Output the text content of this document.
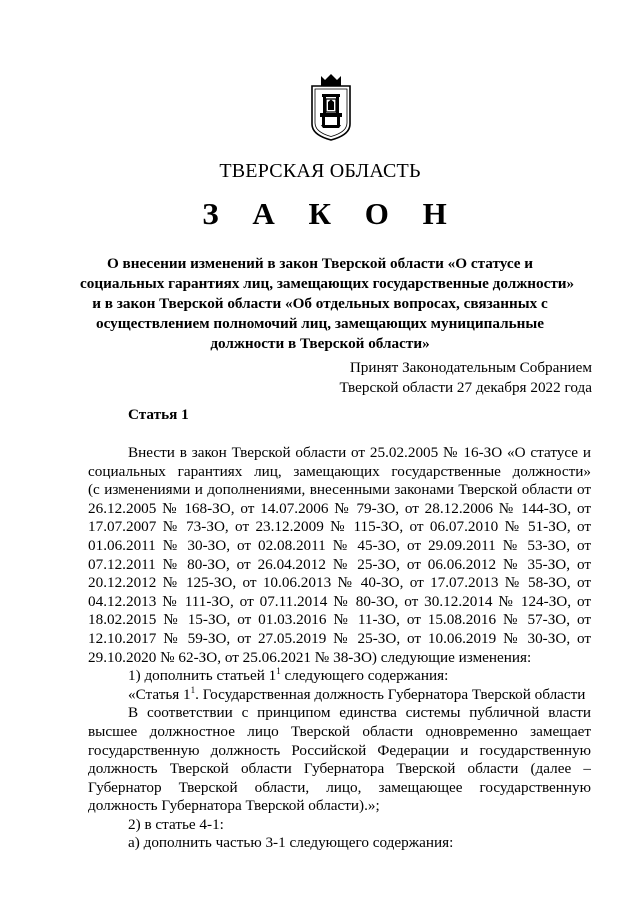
ТВЕРСКАЯ ОБЛАСТЬ
З А К О Н
О внесении изменений в закон Тверской области «О статусе и
социальных гарантиях лиц, замещающих государственные должности»
и в закон Тверской области «Об отдельных вопросах, связанных с
осуществлением полномочий лиц, замещающих муниципальные
должности в Тверской области»
Принят Законодательным Собранием
Тверской области 27 декабря 2022 года
Статья 1
Внести в закон Тверской области от 25.02.2005 № 16-ЗО «О статусе и
социальных гарантиях лиц, замещающих государственные должности»
(с изменениями и дополнениями, внесенными законами Тверской области от
26.12.2005 № 168-ЗО, от 14.07.2006 № 79-ЗО, от 28.12.2006 № 144-ЗО, от
17.07.2007 № 73-ЗО, от 23.12.2009 № 115-ЗО, от 06.07.2010 № 51-ЗО, от
01.06.2011 № 30-ЗО, от 02.08.2011 № 45-ЗО, от 29.09.2011 № 53-ЗО, от
07.12.2011 № 80-ЗО, от 26.04.2012 № 25-ЗО, от 06.06.2012 № 35-ЗО, от
20.12.2012 № 125-ЗО, от 10.06.2013 № 40-ЗО, от 17.07.2013 № 58-ЗО, от
04.12.2013 № 111-ЗО, от 07.11.2014 № 80-ЗО, от 30.12.2014 № 124-ЗО, от
18.02.2015 № 15-ЗО, от 01.03.2016 № 11-ЗО, от 15.08.2016 № 57-ЗО, от
12.10.2017 № 59-ЗО, от 27.05.2019 № 25-ЗО, от 10.06.2019 № 30-ЗО, от
29.10.2020 № 62-ЗО, от 25.06.2021 № 38-ЗО) следующие изменения:
1) дополнить статьей $1^1$ следующего содержания:
«Статья $1^1$. Государственная должность Губернатора Тверской области
В соответствии с принципом единства системы публичной власти
высшее должностное лицо Тверской области одновременно замещает
государственную должность Российской Федерации и государственную
должность Тверской области Губернатора Тверской области (далее –
Губернатор Тверской области, лицо, замещающее государственную
должность Губернатора Тверской области).»;
2) в статье 4-1:
а) дополнить частью 3-1 следующего содержания:
